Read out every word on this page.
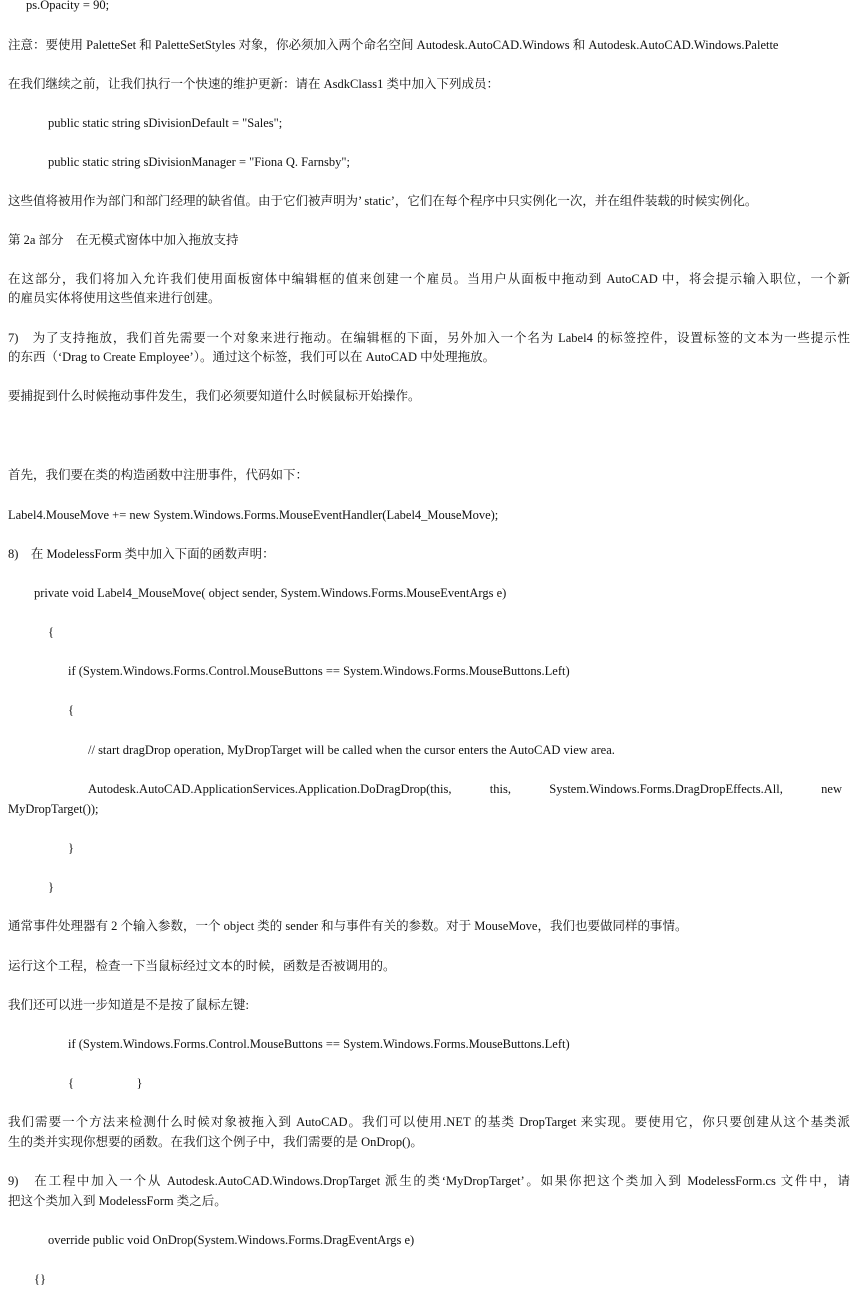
ps.Opacity = 90;

注意：要使用 PaletteSet 和 PaletteSetStyles 对象，你必须加入两个命名空间 Autodesk.AutoCAD.Windows 和 Autodesk.AutoCAD.Windows.Palette

在我们继续之前，让我们执行一个快速的维护更新：请在 AsdkClass1 类中加入下列成员：

public static string sDivisionDefault = "Sales";

public static string sDivisionManager = "Fiona Q. Farnsby";

这些值将被用作为部门和部门经理的缺省值。由于它们被声明为’ static’，它们在每个程序中只实例化一次，并在组件装载的时候实例化。

第 2a 部分　在无模式窗体中加入拖放支持

在这部分，我们将加入允许我们使用面板窗体中编辑框的值来创建一个雇员。当用户从面板中拖动到 AutoCAD 中，将会提示输入职位，一个新

的雇员实体将使用这些值来进行创建。

7)　为了支持拖放，我们首先需要一个对象来进行拖动。在编辑框的下面，另外加入一个名为 Label4 的标签控件，设置标签的文本为一些提示性

的东西（‘Drag to Create Employee’）。通过这个标签，我们可以在 AutoCAD 中处理拖放。

要捕捉到什么时候拖动事件发生，我们必须要知道什么时候鼠标开始操作。

首先，我们要在类的构造函数中注册事件，代码如下：

Label4.MouseMove += new System.Windows.Forms.MouseEventHandler(Label4_MouseMove);

8)　在 ModelessForm 类中加入下面的函数声明：

private void Label4_MouseMove( object sender, System.Windows.Forms.MouseEventArgs e)

{

if (System.Windows.Forms.Control.MouseButtons == System.Windows.Forms.MouseButtons.Left)

{

// start dragDrop operation, MyDropTarget will be called when the cursor enters the AutoCAD view area.

Autodesk.AutoCAD.ApplicationServices.Application.DoDragDrop(this, this, System.Windows.Forms.DragDropEffects.All, new

MyDropTarget());

}

}

通常事件处理器有 2 个输入参数，一个 object 类的 sender 和与事件有关的参数。对于 MouseMove，我们也要做同样的事情。

运行这个工程，检查一下当鼠标经过文本的时候，函数是否被调用的。

我们还可以进一步知道是不是按了鼠标左键:

if (System.Windows.Forms.Control.MouseButtons == System.Windows.Forms.MouseButtons.Left)

{　　　　　}

我们需要一个方法来检测什么时候对象被拖入到 AutoCAD。我们可以使用.NET 的基类 DropTarget 来实现。要使用它，你只要创建从这个基类派

生的类并实现你想要的函数。在我们这个例子中，我们需要的是 OnDrop()。

9)　在工程中加入一个从 Autodesk.AutoCAD.Windows.DropTarget 派生的类‘MyDropTarget’。如果你把这个类加入到 ModelessForm.cs 文件中，请

把这个类加入到 ModelessForm 类之后。

override public void OnDrop(System.Windows.Forms.DragEventArgs e)

{}
